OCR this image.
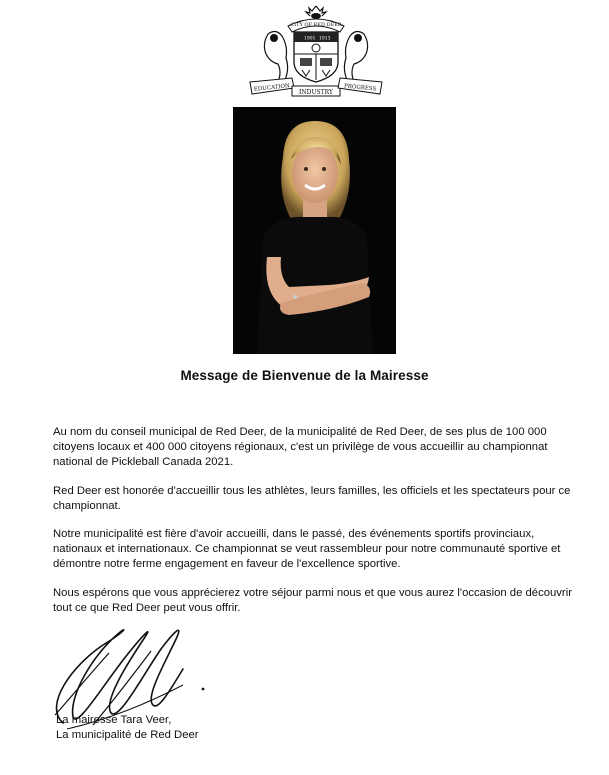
CITY OF RED DEER
1901 1913
EDUCATION INDUSTRY PROGRESS
Message de Bienvenue de la Mairesse

Au nom du conseil municipal de Red Deer, de la municipalité de Red Deer, de ses plus de 100 000 citoyens locaux et 400 000 citoyens régionaux, c'est un privilège de vous accueillir au championnat national de Pickleball Canada 2021.

Red Deer est honorée d'accueillir tous les athlètes, leurs familles, les officiels et les spectateurs pour ce championnat.

Notre municipalité est fière d'avoir accueilli, dans le passé, des événements sportifs provinciaux, nationaux et internationaux. Ce championnat se veut rassembleur pour notre communauté sportive et démontre notre ferme engagement en faveur de l'excellence sportive.

Nous espérons que vous apprécierez votre séjour parmi nous et que vous aurez l'occasion de découvrir tout ce que Red Deer peut vous offrir.

La mairesse Tara Veer,
La municipalité de Red Deer
